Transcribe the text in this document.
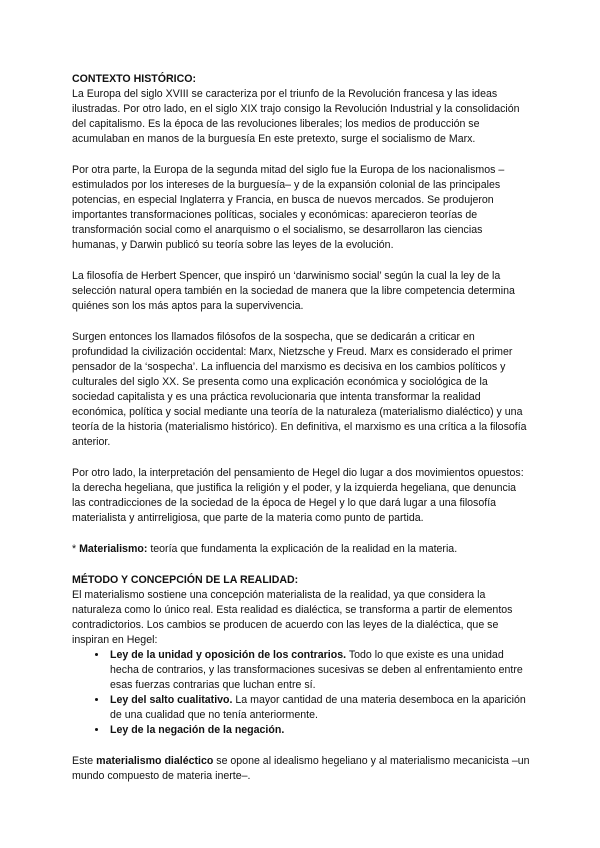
CONTEXTO HISTÓRICO:

La Europa del siglo XVIII se caracteriza por el triunfo de la Revolución francesa y las ideas ilustradas. Por otro lado, en el siglo XIX trajo consigo la Revolución Industrial y la consolidación del capitalismo. Es la época de las revoluciones liberales; los medios de producción se acumulaban en manos de la burguesía En este pretexto, surge el socialismo de Marx.

Por otra parte, la Europa de la segunda mitad del siglo fue la Europa de los nacionalismos –estimulados por los intereses de la burguesía– y de la expansión colonial de las principales potencias, en especial Inglaterra y Francia, en busca de nuevos mercados. Se produjeron importantes transformaciones políticas, sociales y económicas: aparecieron teorías de transformación social como el anarquismo o el socialismo, se desarrollaron las ciencias humanas, y Darwin publicó su teoría sobre las leyes de la evolución.

La filosofía de Herbert Spencer, que inspiró un ‘darwinismo social’ según la cual la ley de la selección natural opera también en la sociedad de manera que la libre competencia determina quiénes son los más aptos para la supervivencia.

Surgen entonces los llamados filósofos de la sospecha, que se dedicarán a criticar en profundidad la civilización occidental: Marx, Nietzsche y Freud. Marx es considerado el primer pensador de la ‘sospecha’. La influencia del marxismo es decisiva en los cambios políticos y culturales del siglo XX. Se presenta como una explicación económica y sociológica de la sociedad capitalista y es una práctica revolucionaria que intenta transformar la realidad económica, política y social mediante una teoría de la naturaleza (materialismo dialéctico) y una teoría de la historia (materialismo histórico). En definitiva, el marxismo es una crítica a la filosofía anterior.

Por otro lado, la interpretación del pensamiento de Hegel dio lugar a dos movimientos opuestos: la derecha hegeliana, que justifica la religión y el poder, y la izquierda hegeliana, que denuncia las contradicciones de la sociedad de la época de Hegel y lo que dará lugar a una filosofía materialista y antirreligiosa, que parte de la materia como punto de partida.

* Materialismo: teoría que fundamenta la explicación de la realidad en la materia.

MÉTODO Y CONCEPCIÓN DE LA REALIDAD:

El materialismo sostiene una concepción materialista de la realidad, ya que considera la naturaleza como lo único real. Esta realidad es dialéctica, se transforma a partir de elementos contradictorios. Los cambios se producen de acuerdo con las leyes de la dialéctica, que se inspiran en Hegel:

• Ley de la unidad y oposición de los contrarios. Todo lo que existe es una unidad hecha de contrarios, y las transformaciones sucesivas se deben al enfrentamiento entre esas fuerzas contrarias que luchan entre sí.
• Ley del salto cualitativo. La mayor cantidad de una materia desemboca en la aparición de una cualidad que no tenía anteriormente.
• Ley de la negación de la negación.

Este materialismo dialéctico se opone al idealismo hegeliano y al materialismo mecanicista –un mundo compuesto de materia inerte–.
